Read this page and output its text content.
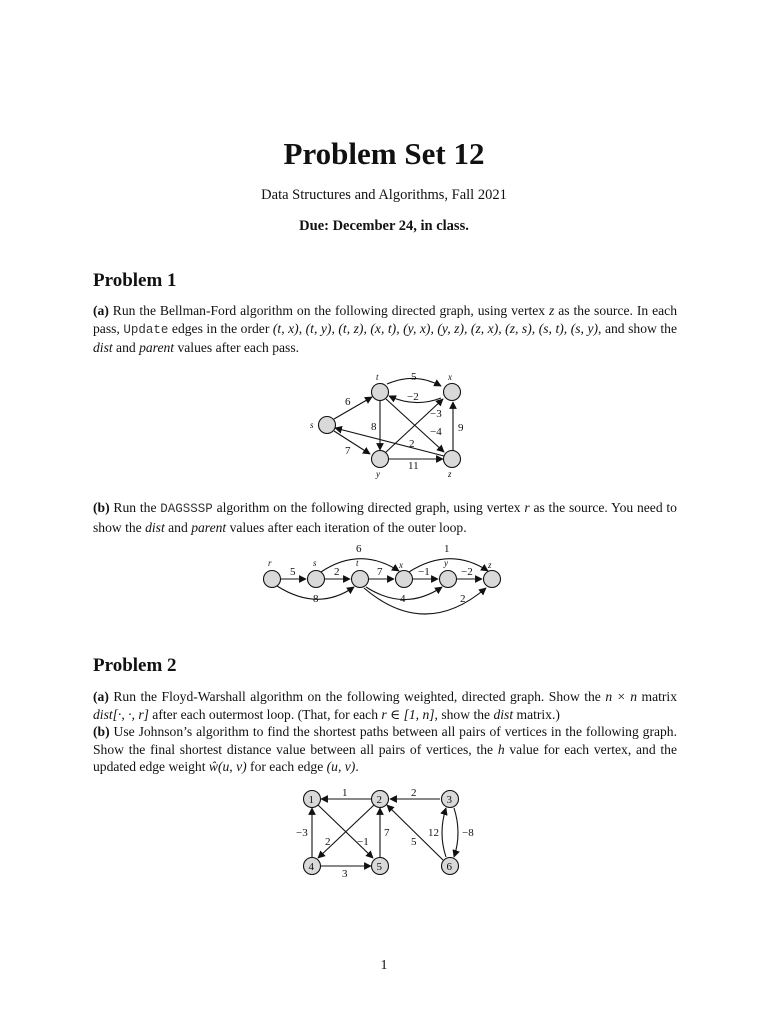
Problem Set 12
Data Structures and Algorithms, Fall 2021
Due: December 24, in class.
Problem 1
(a) Run the Bellman-Ford algorithm on the following directed graph, using vertex z as the source. In each pass, Update edges in the order (t, x), (t, y), (t, z), (x, t), (y, x), (y, z), (z, x), (z, s), (s, t), (s, y), and show the dist and parent values after each pass.
t	x
s
y	z
5
−2
6
8
−3
−4 9
2
7
11
r	s	t	x	y	z
5	2	7	−1	−2
6	1
8	4	2
1	2	3
4	5	6
1	2
−3
2
7
−1
3
5
12 −8
(b) Run the DAGSSSP algorithm on the following directed graph, using vertex r as the source. You need to show the dist and parent values after each iteration of the outer loop.
Problem 2
(a) Run the Floyd-Warshall algorithm on the following weighted, directed graph. Show the n × n matrix dist[·, ·, r] after each outermost loop. (That, for each r ∈ [1, n], show the dist matrix.)
(b) Use Johnson’s algorithm to find the shortest paths between all pairs of vertices in the following graph. Show the final shortest distance value between all pairs of vertices, the h value for each vertex, and the updated edge weight ŵ(u, v) for each edge (u, v).
1
